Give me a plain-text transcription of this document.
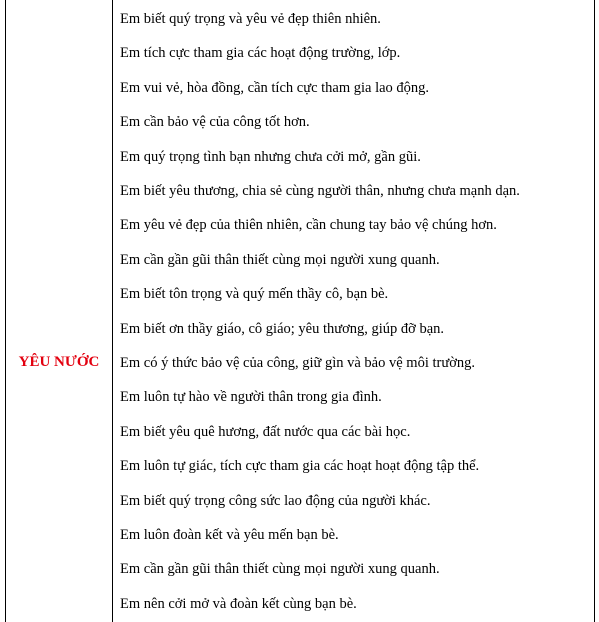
YÊU NƯỚC
Em biết quý trọng và yêu vẻ đẹp thiên nhiên.
Em tích cực tham gia các hoạt động trường, lớp.
Em vui vẻ, hòa đồng, cần tích cực tham gia lao động.
Em cần bảo vệ của công tốt hơn.
Em quý trọng tình bạn nhưng chưa cởi mở, gần gũi.
Em biết yêu thương, chia sẻ cùng người thân, nhưng chưa mạnh dạn.
Em yêu vẻ đẹp của thiên nhiên, cần chung tay bảo vệ chúng hơn.
Em cần gần gũi thân thiết cùng mọi người xung quanh.
Em biết tôn trọng và quý mến thầy cô, bạn bè.
Em biết ơn thầy giáo, cô giáo; yêu thương, giúp đỡ bạn.
Em có ý thức bảo vệ của công, giữ gìn và bảo vệ môi trường.
Em luôn tự hào về người thân trong gia đình.
Em biết yêu quê hương, đất nước qua các bài học.
Em luôn tự giác, tích cực tham gia các hoạt hoạt động tập thể.
Em biết quý trọng công sức lao động của người khác.
Em luôn đoàn kết và yêu mến bạn bè.
Em cần gần gũi thân thiết cùng mọi người xung quanh.
Em nên cởi mở và đoàn kết cùng bạn bè.
